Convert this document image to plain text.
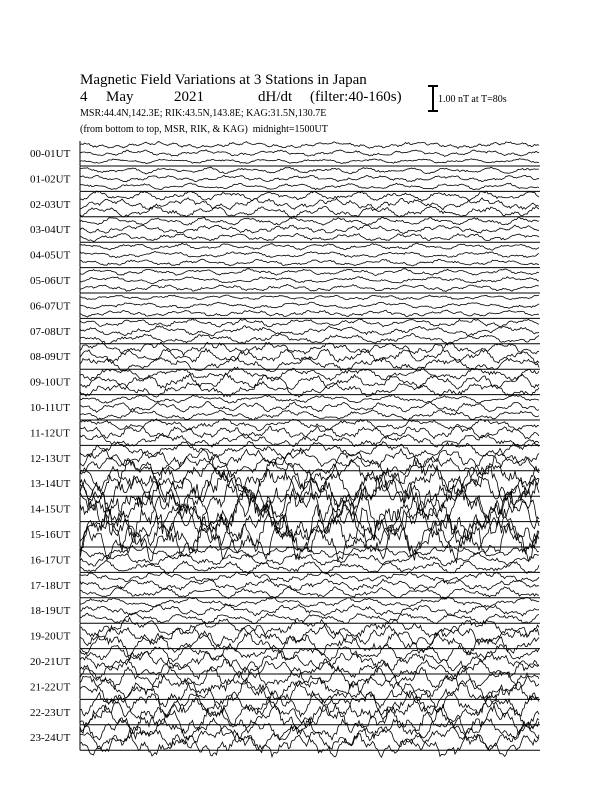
Magnetic Field Variations at 3 Stations in Japan
4 May	2021	dH/dt (filter:40-160s)
MSR:44.4N,142.3E; RIK:43.5N,143.8E; KAG:31.5N,130.7E
(from bottom to top, MSR, RIK, & KAG) midnight=1500UT
1.00 nT at T=80s
00-01UT
01-02UT
02-03UT
03-04UT
04-05UT
05-06UT
06-07UT
07-08UT
08-09UT
09-10UT
10-11UT
11-12UT
12-13UT
13-14UT
14-15UT
15-16UT
16-17UT
17-18UT
18-19UT
19-20UT
20-21UT
21-22UT
22-23UT
23-24UT
